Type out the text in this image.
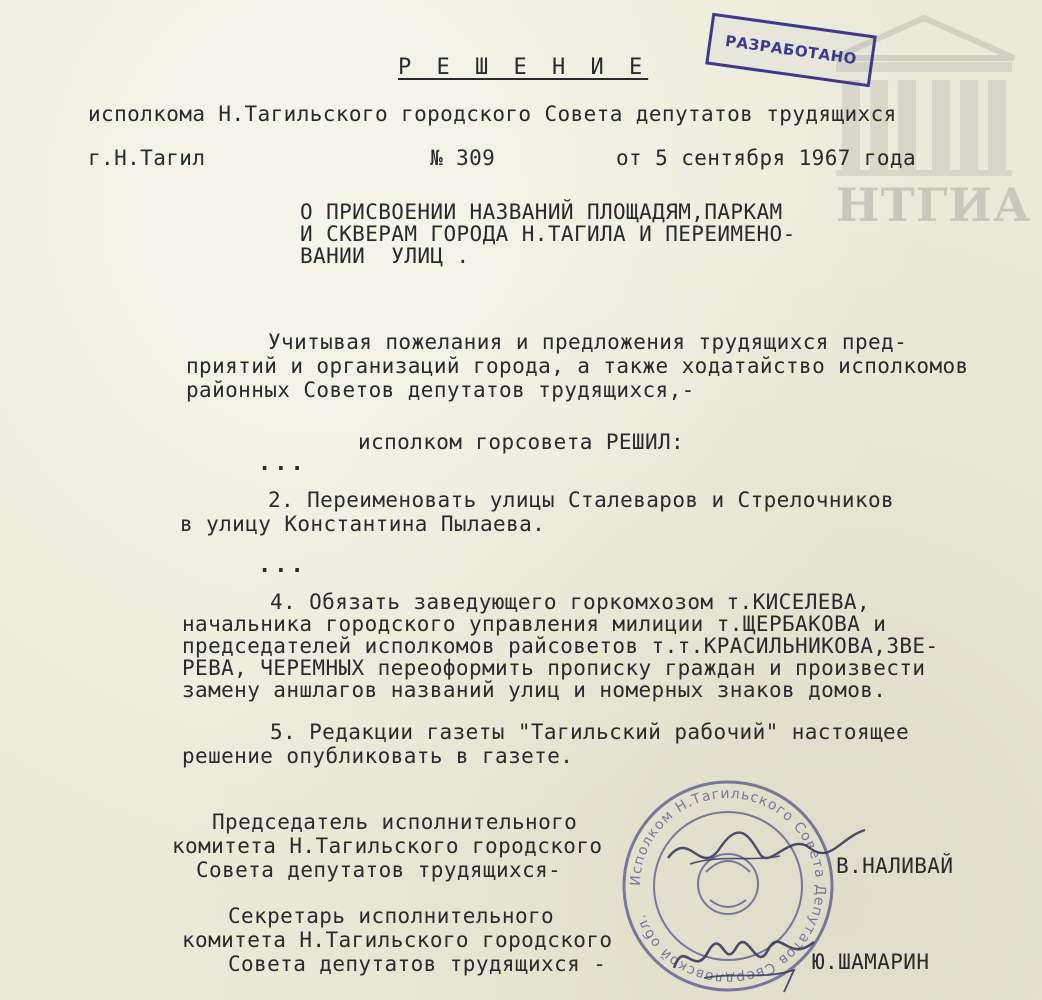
НТГИА
РАЗРАБОТАНО
Р Е Ш Е Н И Е
исполкома Н.Тагильского городского Совета депутатов трудящихся
г.Н.Тагил	№ 309	от 5 сентября 1967 года
О ПРИСВОЕНИИ НАЗВАНИЙ ПЛОЩАДЯМ,ПАРКАМ
И СКВЕРАМ ГОРОДА Н.ТАГИЛА И ПЕРЕИМЕНО-
ВАНИИ  УЛИЦ .
Учитывая пожелания и предложения трудящихся пред-
приятий и организаций города, а также ходатайство исполкомов
районных Советов депутатов трудящихся,-
исполком горсовета РЕШИЛ:
...
2. Переименовать улицы Сталеваров и Стрелочников
в улицу Константина Пылаева.
...
4. Обязать заведующего горкомхозом т.КИСЕЛЕВА,
начальника городского управления милиции т.ЩЕРБАКОВА и
председателей исполкомов райсоветов т.т.КРАСИЛЬНИКОВА,ЗВЕ-
РЕВА, ЧЕРЕМНЫХ переоформить прописку граждан и произвести
замену аншлагов названий улиц и номерных знаков домов.
5. Редакции газеты "Тагильский рабочий" настоящее
решение опубликовать в газете.
Исполком Н.Тагильского Совета Депутатов Свердловской обл.
Председатель исполнительного
комитета Н.Тагильского городского
Совета депутатов трудящихся-	В.НАЛИВАЙ
Секретарь исполнительного
комитета Н.Тагильского городского
Совета депутатов трудящихся -	Ю.ШАМАРИН
